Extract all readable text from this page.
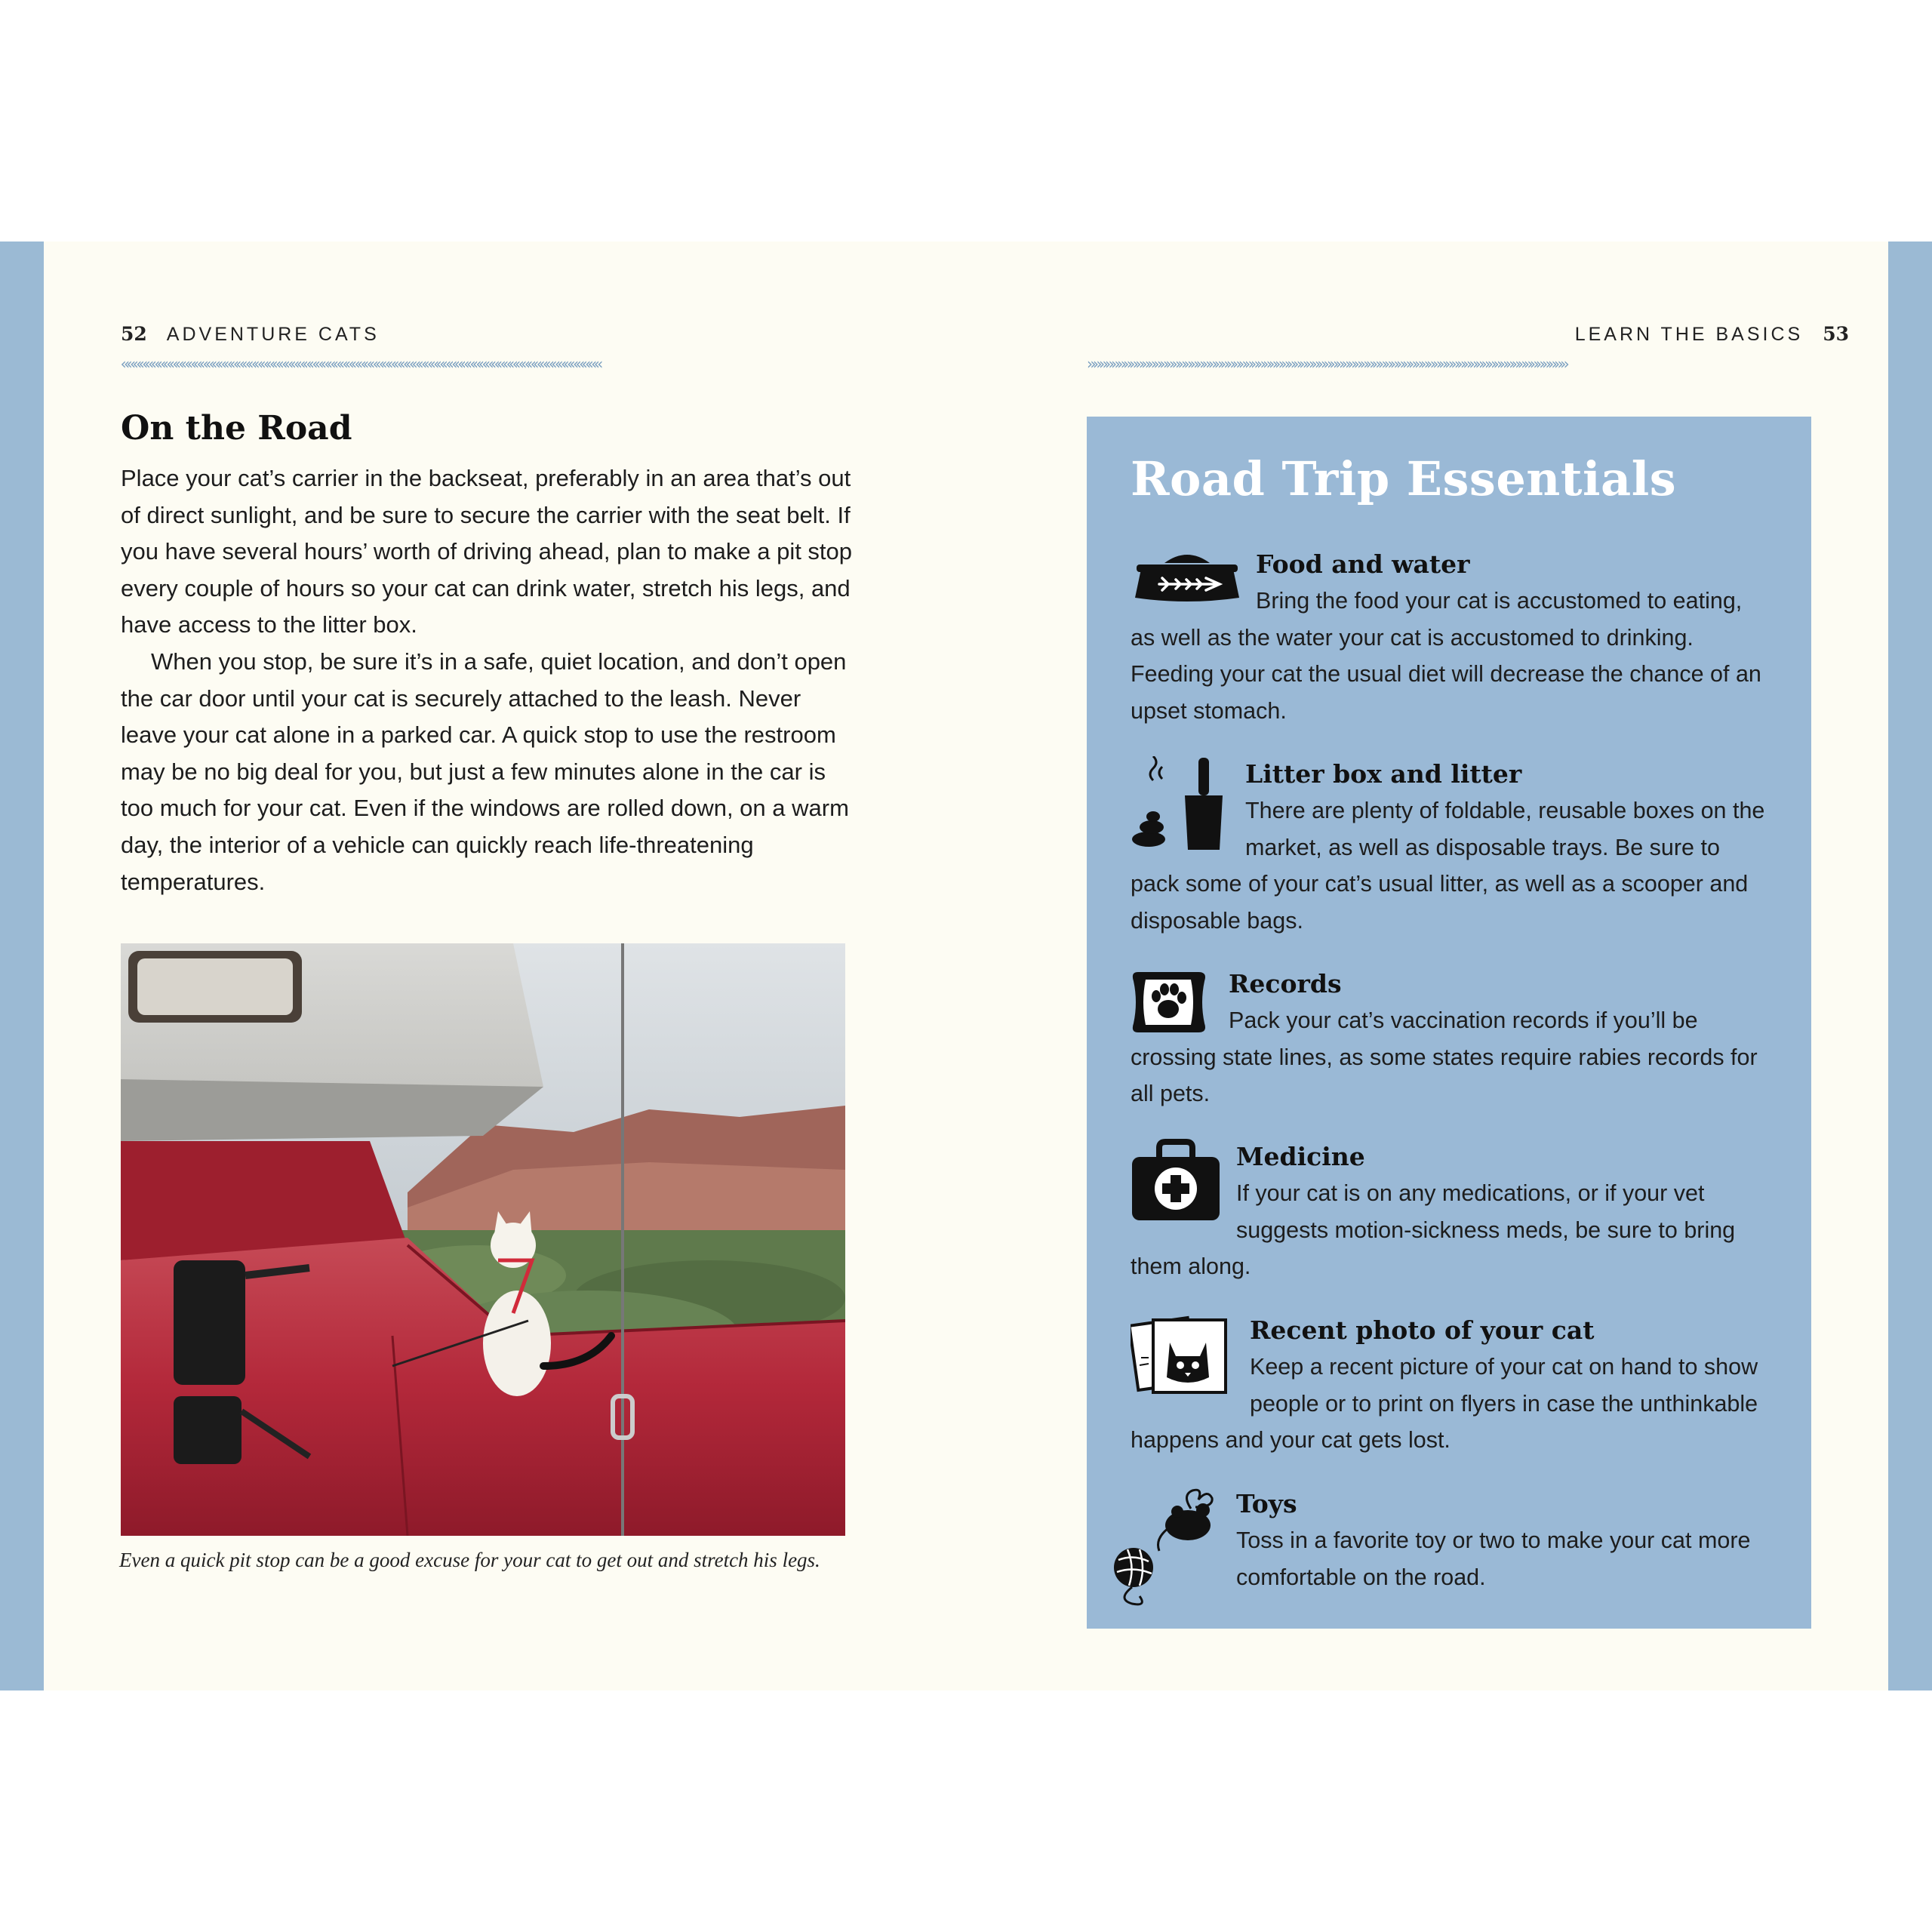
52 ADVENTURE CATS
«««««««««««««««««««««««««««««««««««««««««««««««««««««««««««««««««««««««««««««««
On the Road

Place your cat’s carrier in the backseat, preferably in an area that’s out of direct sunlight, and be sure to secure the carrier with the seat belt. If you have several hours’ worth of driving ahead, plan to make a pit stop every couple of hours so your cat can drink water, stretch his legs, and have access to the litter box.

When you stop, be sure it’s in a safe, quiet location, and don’t open the car door until your cat is securely attached to the leash. Never leave your cat alone in a parked car. A quick stop to use the restroom may be no big deal for you, but just a few minutes alone in the car is too much for your cat. Even if the windows are rolled down, on a warm day, the interior of a vehicle can quickly reach life-threatening temperatures.

Even a quick pit stop can be a good excuse for your cat to get out and stretch his legs.
LEARN THE BASICS 53
»»»»»»»»»»»»»»»»»»»»»»»»»»»»»»»»»»»»»»»»»»»»»»»»»»»»»»»»»»»»»»»»»»»»»»»»»»»»»»»
Road Trip Essentials
Food and water

Bring the food your cat is accustomed to eating, as well as the water your cat is accustomed to drinking. Feeding your cat the usual diet will decrease the chance of an upset stomach.

Litter box and litter

There are plenty of foldable, reusable boxes on the market, as well as disposable trays. Be sure to pack some of your cat’s usual litter, as well as a scooper and disposable bags.

Records

Pack your cat’s vaccination records if you’ll be crossing state lines, as some states require rabies records for all pets.

Medicine

If your cat is on any medications, or if your vet suggests motion-sickness meds, be sure to bring them along.

Recent photo of your cat

Keep a recent picture of your cat on hand to show people or to print on flyers in case the unthinkable happens and your cat gets lost.

Toys

Toss in a favorite toy or two to make your cat more comfortable on the road.
